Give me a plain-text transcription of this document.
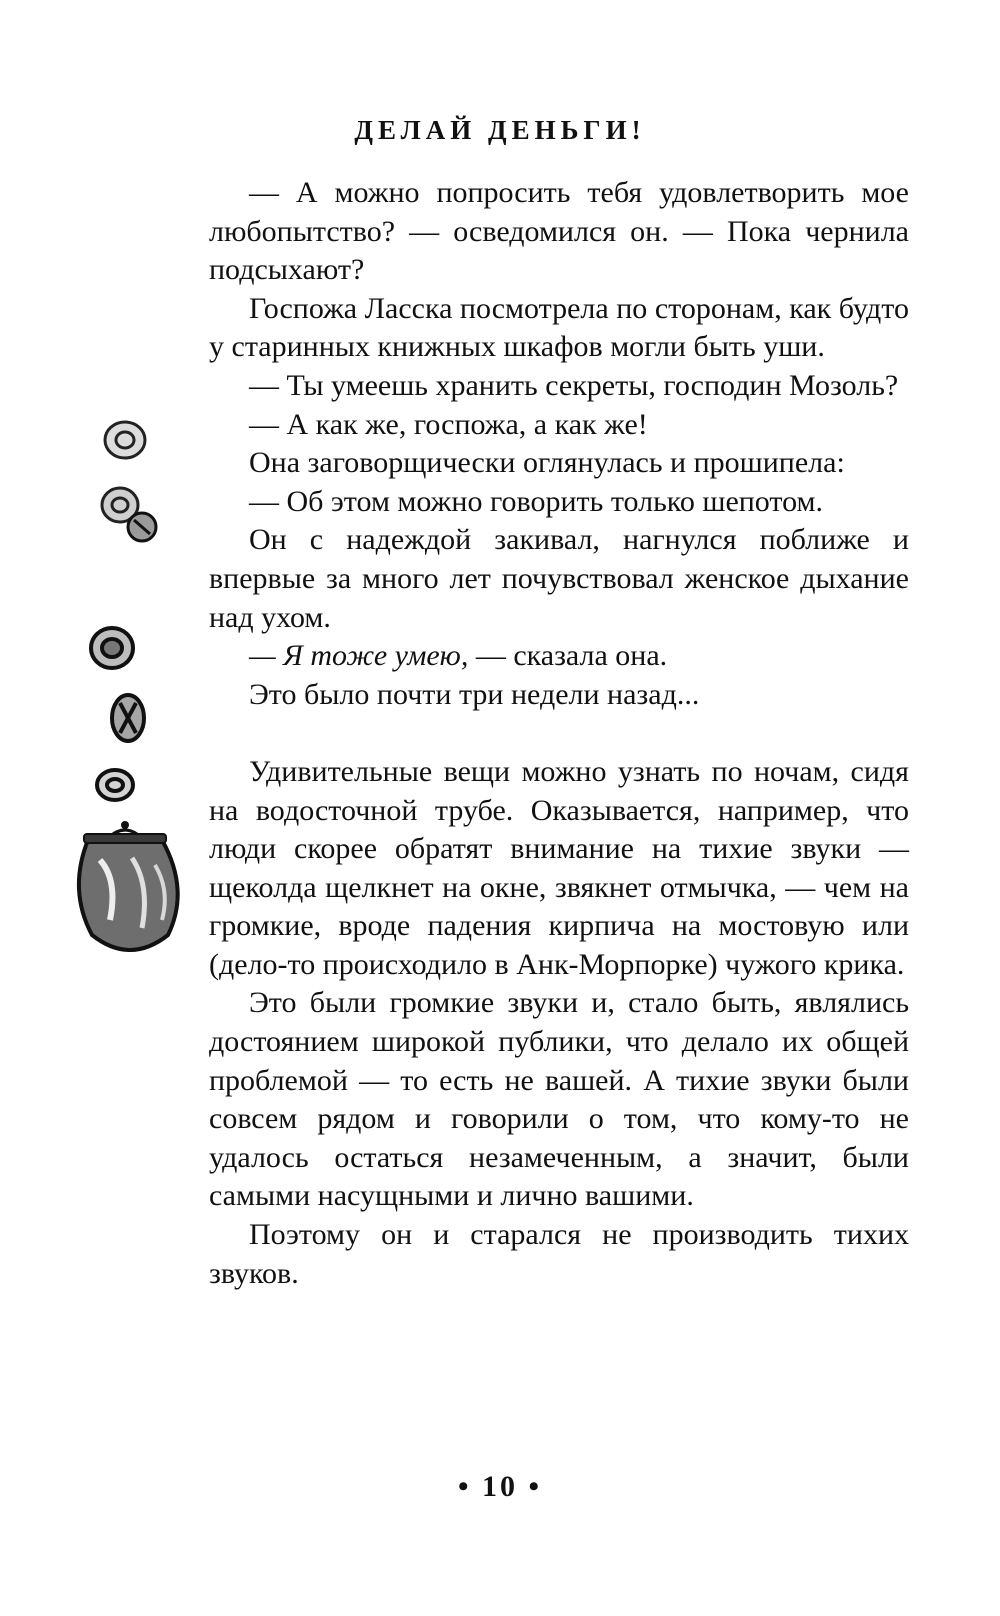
ДЕЛАЙ ДЕНЬГИ!

— А можно попросить тебя удовлетворить мое любопытство? — осведомился он. — Пока чернила подсыхают?

Госпожа Ласска посмотрела по сторонам, как будто у старинных книжных шкафов могли быть уши.

— Ты умеешь хранить секреты, господин Мозоль?

— А как же, госпожа, а как же!

Она заговорщически оглянулась и прошипела:

— Об этом можно говорить только шепотом.

Он с надеждой закивал, нагнулся поближе и впервые за много лет почувствовал женское дыхание над ухом.

— Я тоже умею, — сказала она.

Это было почти три недели назад...

Удивительные вещи можно узнать по ночам, сидя на водосточной трубе. Оказывается, например, что люди скорее обратят внимание на тихие звуки — щеколда щелкнет на окне, звякнет отмычка, — чем на громкие, вроде падения кирпича на мостовую или (дело-то происходило в Анк-Морпорке) чужого крика.

Это были громкие звуки и, стало быть, являлись достоянием широкой публики, что делало их общей проблемой — то есть не вашей. А тихие звуки были совсем рядом и говорили о том, что кому-то не удалось остаться незамеченным, а значит, были самыми насущными и лично вашими.

Поэтому он и старался не производить тихих звуков.

• 10 •
